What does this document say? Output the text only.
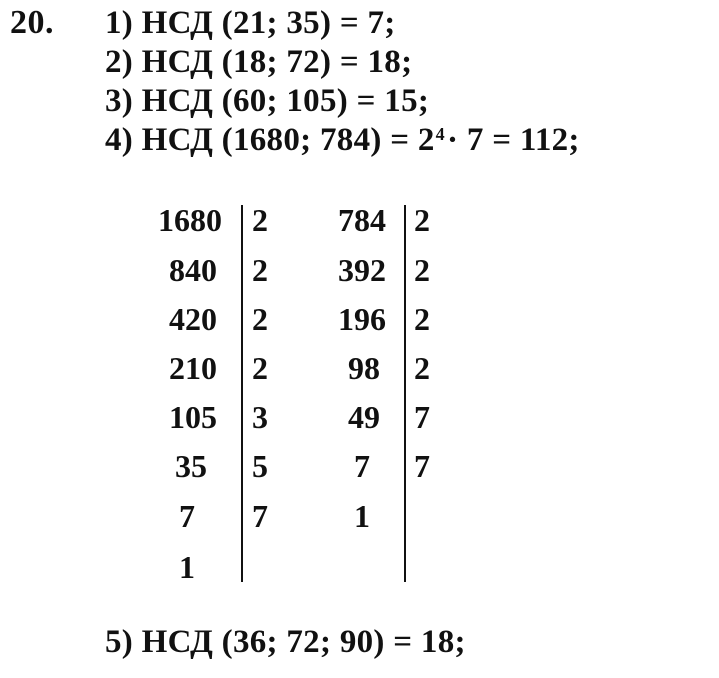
20. 1) НСД (21; 35) = 7;
2) НСД (18; 72) = 18;
3) НСД (60; 105) = 15;
4) НСД (1680; $784) = 2^4\cdot 7 = 112$;
1680
840
420
210
105
35
7
1
2
2
2
2
3
5
7
784
392
196
98
49
7
1
2
2
2
2
7
7
5) НСД (36; 72; 90) = 18;
